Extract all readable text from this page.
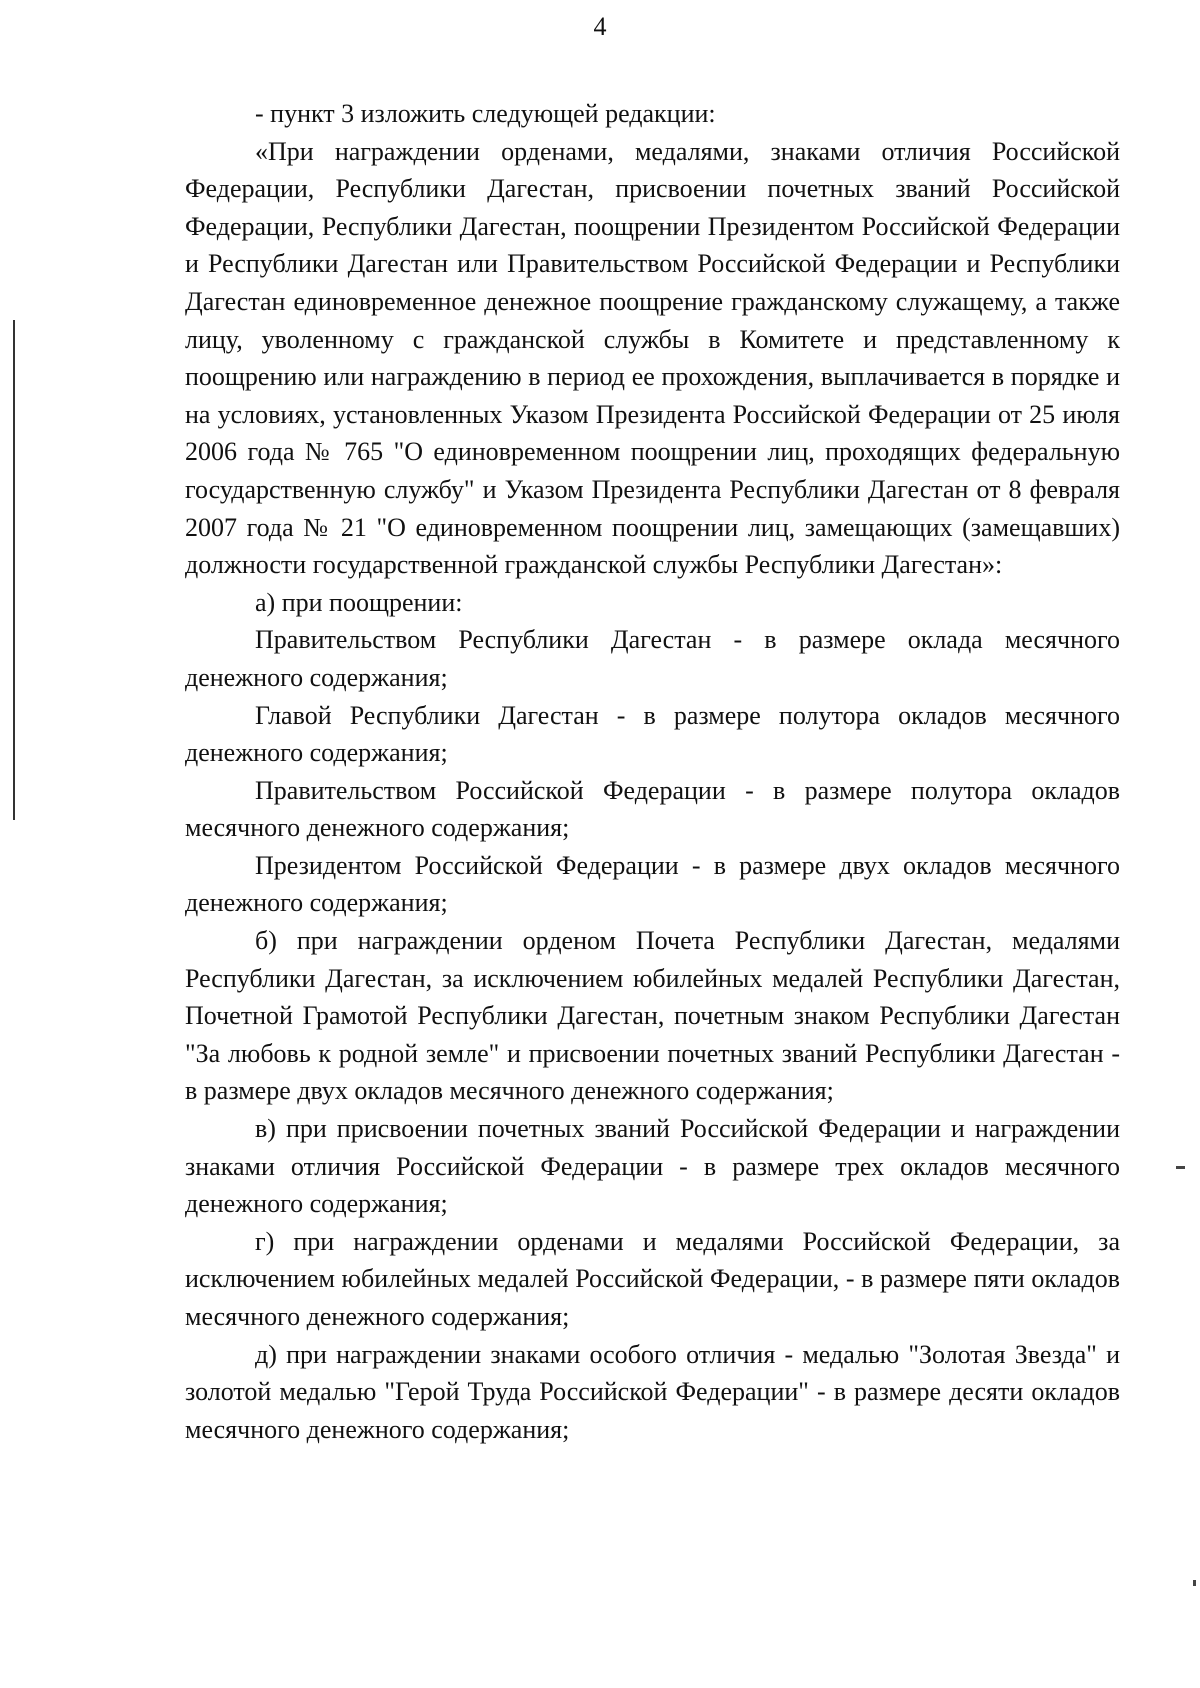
4

- пункт 3 изложить следующей редакции:

«При награждении орденами, медалями, знаками отличия Российской Федерации, Республики Дагестан, присвоении почетных званий Российской Федерации, Республики Дагестан, поощрении Президентом Российской Федерации и Республики Дагестан или Правительством Российской Федерации и Республики Дагестан единовременное денежное поощрение гражданскому служащему, а также лицу, уволенному с гражданской службы в Комитете и представленному к поощрению или награждению в период ее прохождения, выплачивается в порядке и на условиях, установленных Указом Президента Российской Федерации от 25 июля 2006 года № 765 "О единовременном поощрении лиц, проходящих федеральную государственную службу" и Указом Президента Республики Дагестан от 8 февраля 2007 года № 21 "О единовременном поощрении лиц, замещающих (замещавших) должности государственной гражданской службы Республики Дагестан»:

а) при поощрении:

Правительством Республики Дагестан - в размере оклада месячного денежного содержания;

Главой Республики Дагестан - в размере полутора окладов месячного денежного содержания;

Правительством Российской Федерации - в размере полутора окладов месячного денежного содержания;

Президентом Российской Федерации - в размере двух окладов месячного денежного содержания;

б) при награждении орденом Почета Республики Дагестан, медалями Республики Дагестан, за исключением юбилейных медалей Республики Дагестан, Почетной Грамотой Республики Дагестан, почетным знаком Республики Дагестан "За любовь к родной земле" и присвоении почетных званий Республики Дагестан - в размере двух окладов месячного денежного содержания;

в) при присвоении почетных званий Российской Федерации и награждении знаками отличия Российской Федерации - в размере трех окладов месячного денежного содержания;

г) при награждении орденами и медалями Российской Федерации, за исключением юбилейных медалей Российской Федерации, - в размере пяти окладов месячного денежного содержания;

д) при награждении знаками особого отличия - медалью "Золотая Звезда" и золотой медалью "Герой Труда Российской Федерации" - в размере десяти окладов месячного денежного содержания;
